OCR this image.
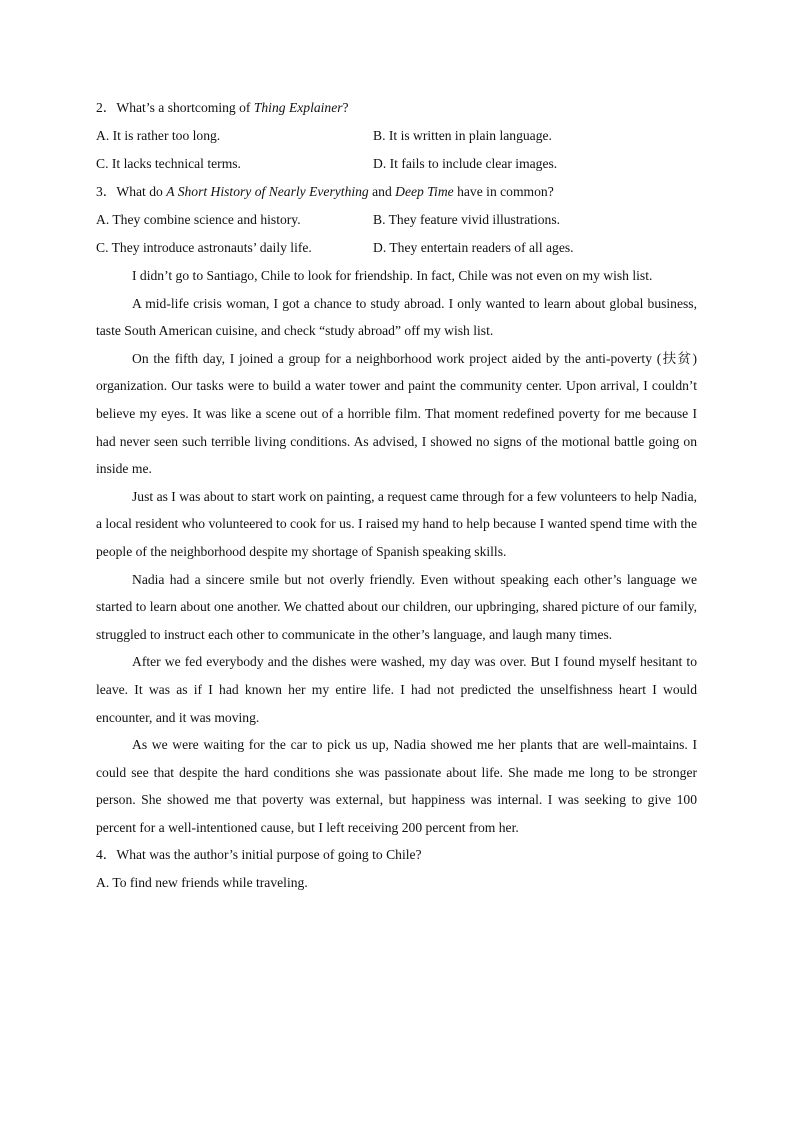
2．What’s a shortcoming of Thing Explainer?
A. It is rather too long.	B. It is written in plain language.
C. It lacks technical terms.	D. It fails to include clear images.
3．What do A Short History of Nearly Everything and Deep Time have in common?
A. They combine science and history.	B. They feature vivid illustrations.
C. They introduce astronauts’ daily life.	D. They entertain readers of all ages.

I didn’t go to Santiago, Chile to look for friendship. In fact, Chile was not even on my wish list.

A mid-life crisis woman, I got a chance to study abroad. I only wanted to learn about global business, taste South American cuisine, and check “study abroad” off my wish list.

On the fifth day, I joined a group for a neighborhood work project aided by the anti-poverty (扶贫) organization. Our tasks were to build a water tower and paint the community center. Upon arrival, I couldn’t believe my eyes. It was like a scene out of a horrible film. That moment redefined poverty for me because I had never seen such terrible living conditions. As advised, I showed no signs of the motional battle going on inside me.

Just as I was about to start work on painting, a request came through for a few volunteers to help Nadia, a local resident who volunteered to cook for us. I raised my hand to help because I wanted spend time with the people of the neighborhood despite my shortage of Spanish speaking skills.

Nadia had a sincere smile but not overly friendly. Even without speaking each other’s language we started to learn about one another. We chatted about our children, our upbringing, shared picture of our family, struggled to instruct each other to communicate in the other’s language, and laugh many times.

After we fed everybody and the dishes were washed, my day was over. But I found myself hesitant to leave. It was as if I had known her my entire life. I had not predicted the unselfishness heart I would encounter, and it was moving.

As we were waiting for the car to pick us up, Nadia showed me her plants that are well-maintains. I could see that despite the hard conditions she was passionate about life. She made me long to be stronger person. She showed me that poverty was external, but happiness was internal. I was seeking to give 100 percent for a well-intentioned cause, but I left receiving 200 percent from her.

4．What was the author’s initial purpose of going to Chile?
A. To find new friends while traveling.
